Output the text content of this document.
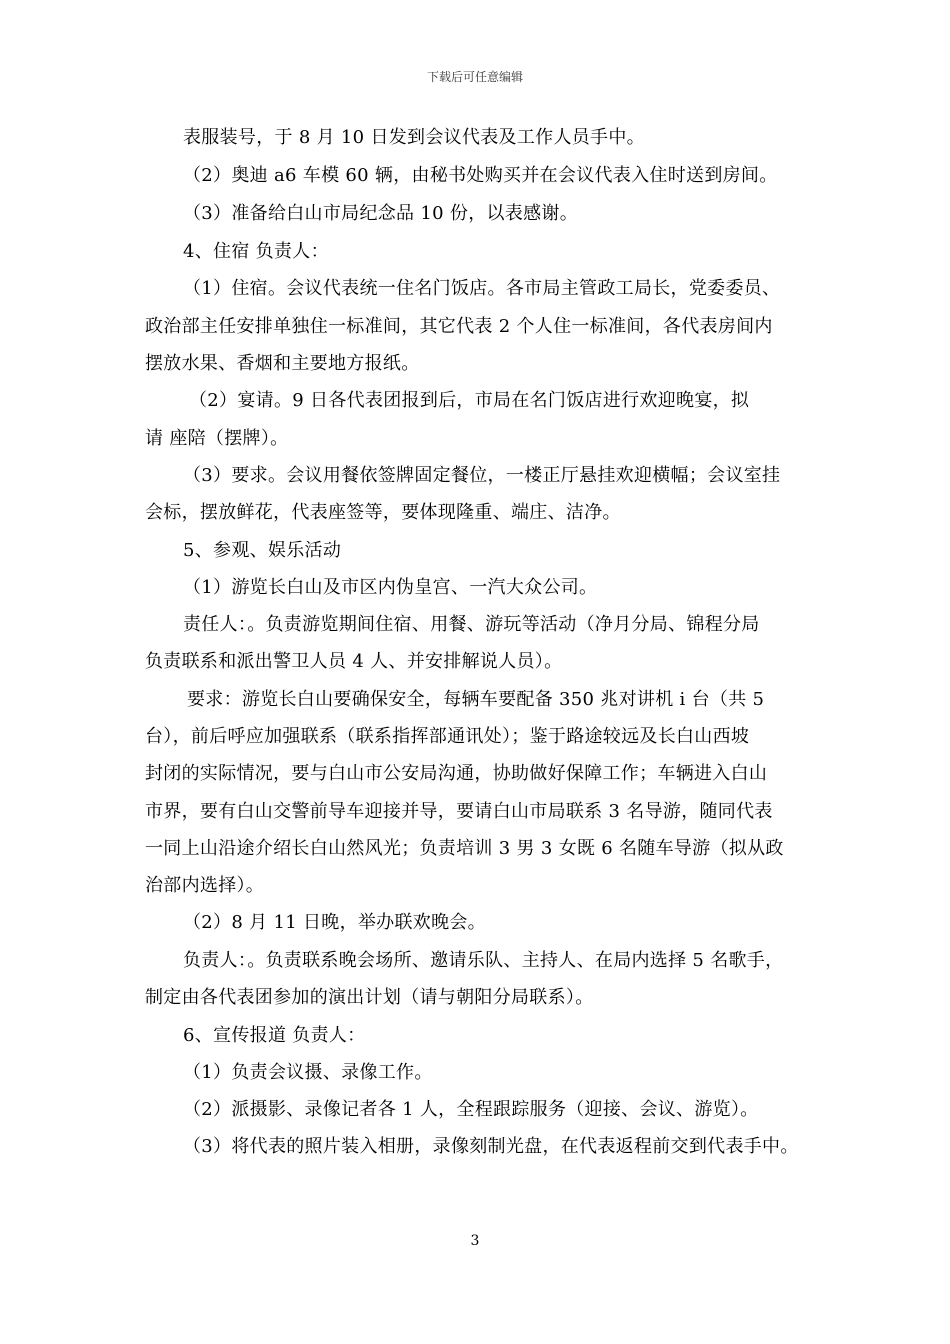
下载后可任意编辑
表服装号，于 8 月 10 日发到会议代表及工作人员手中。
（2）奥迪 a6 车模 60 辆，由秘书处购买并在会议代表入住时送到房间。
（3）准备给白山市局纪念品 10 份，以表感谢。
4、住宿 负责人：
（1）住宿。会议代表统一住名门饭店。各市局主管政工局长，党委委员、
政治部主任安排单独住一标准间，其它代表 2 个人住一标准间，各代表房间内
摆放水果、香烟和主要地方报纸。
（2）宴请。9 日各代表团报到后，市局在名门饭店进行欢迎晚宴，拟
请 座陪（摆牌）。
（3）要求。会议用餐依签牌固定餐位，一楼正厅悬挂欢迎横幅；会议室挂
会标，摆放鲜花，代表座签等，要体现隆重、端庄、洁净。
5、参观、娱乐活动
（1）游览长白山及市区内伪皇宫、一汽大众公司。
责任人：。负责游览期间住宿、用餐、游玩等活动（净月分局、锦程分局
负责联系和派出警卫人员 4 人、并安排解说人员）。
要求：游览长白山要确保安全，每辆车要配备 350 兆对讲机 i 台（共 5
台），前后呼应加强联系（联系指挥部通讯处）；鉴于路途较远及长白山西坡
封闭的实际情况，要与白山市公安局沟通，协助做好保障工作；车辆进入白山
市界，要有白山交警前导车迎接并导，要请白山市局联系 3 名导游，随同代表
一同上山沿途介绍长白山然风光；负责培训 3 男 3 女既 6 名随车导游（拟从政
治部内选择）。
（2）8 月 11 日晚，举办联欢晚会。
负责人：。负责联系晚会场所、邀请乐队、主持人、在局内选择 5 名歌手，
制定由各代表团参加的演出计划（请与朝阳分局联系）。
6、宣传报道 负责人：
（1）负责会议摄、录像工作。
（2）派摄影、录像记者各 1 人，全程跟踪服务（迎接、会议、游览）。
（3）将代表的照片装入相册，录像刻制光盘，在代表返程前交到代表手中。
3
